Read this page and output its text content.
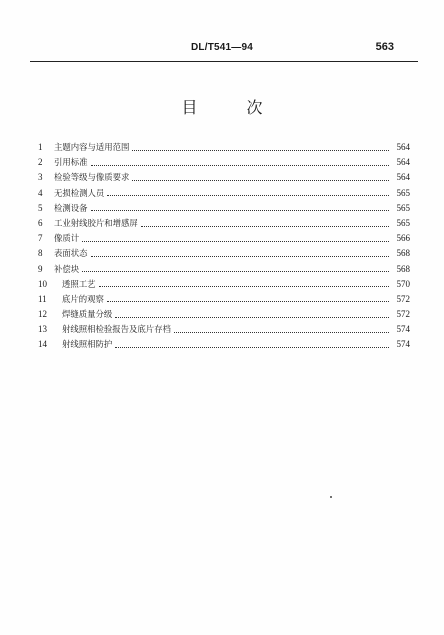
DL/T541—94	563
目 次
1	主题内容与适用范围	564
2	引用标准	564
3	检验等级与像质要求	564
4	无损检测人员	565
5	检测设备	565
6	工业射线胶片和增感屏	565
7	像质计	566
8	表面状态	568
9	补偿块	568
10	透照工艺	570
11	底片的观察	572
12	焊缝质量分级	572
13	射线照相检验报告及底片存档	574
14	射线照相防护	574
